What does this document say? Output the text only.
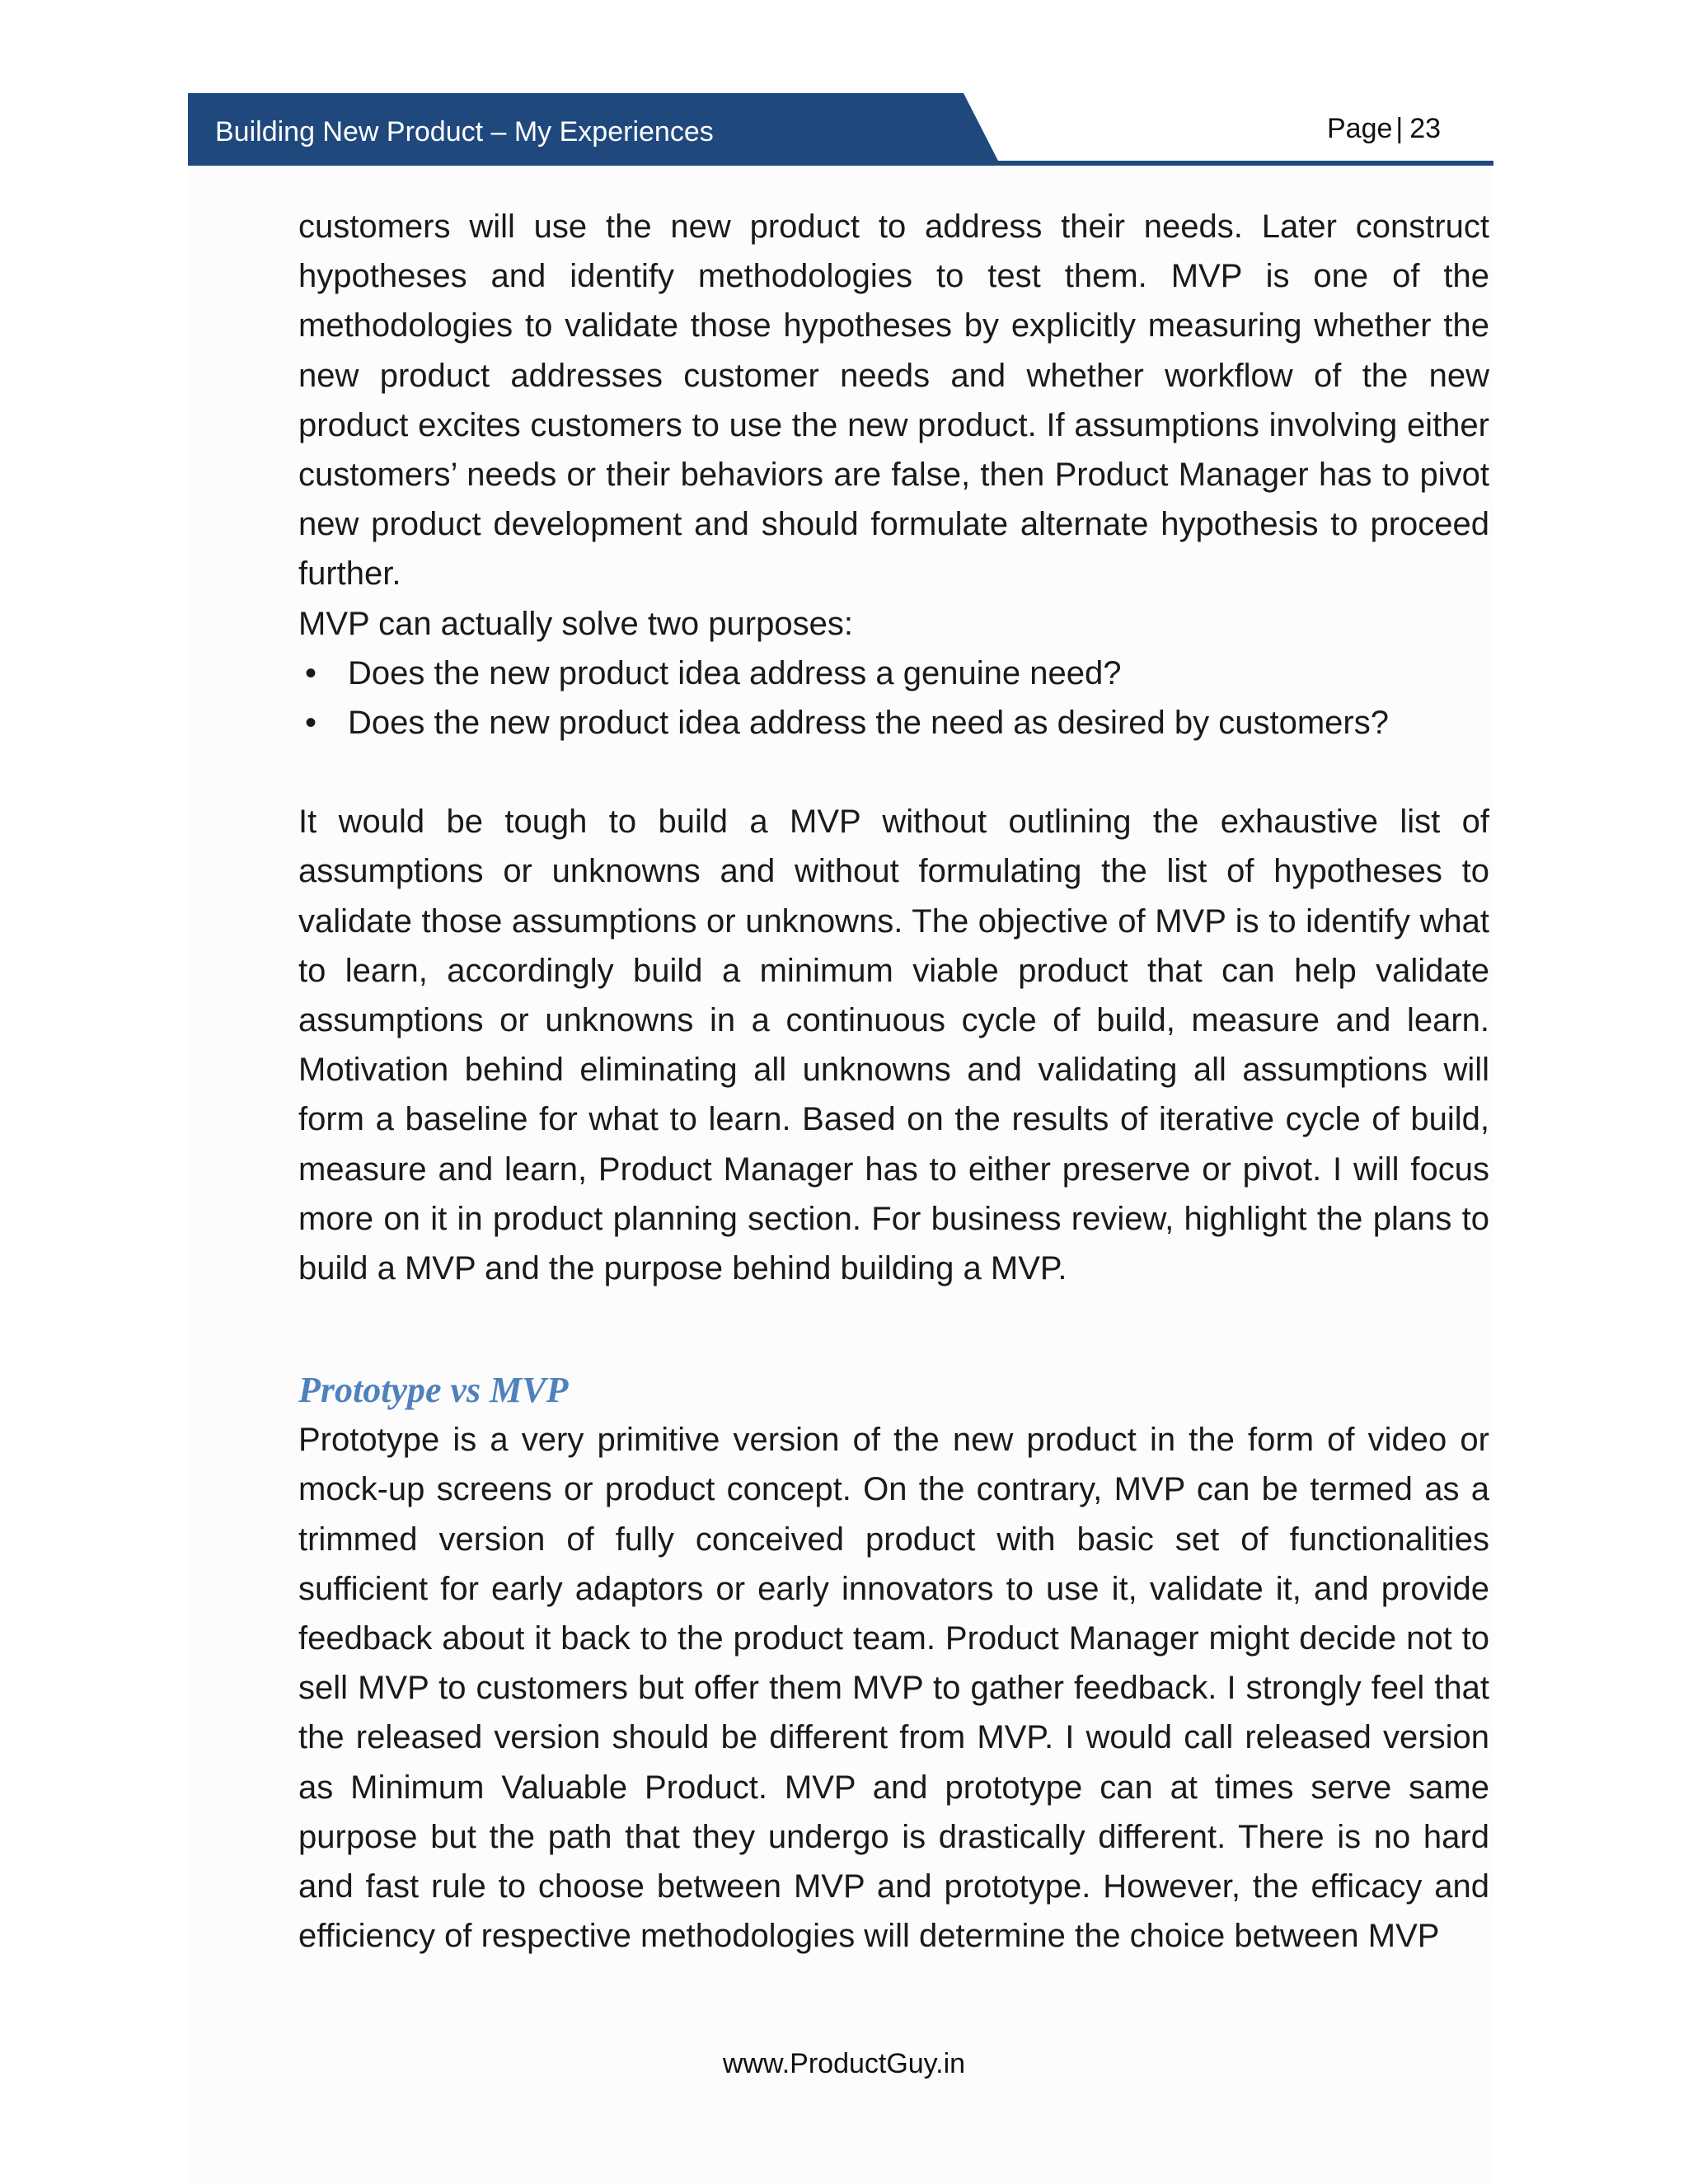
Building New Product – My Experiences	Page | 23

customers will use the new product to address their needs. Later construct hypotheses and identify methodologies to test them. MVP is one of the methodologies to validate those hypotheses by explicitly measuring whether the new product addresses customer needs and whether workflow of the new product excites customers to use the new product. If assumptions involving either customers’ needs or their behaviors are false, then Product Manager has to pivot new product development and should formulate alternate hypothesis to proceed further.

MVP can actually solve two purposes:

• Does the new product idea address a genuine need?
• Does the new product idea address the need as desired by customers?

It would be tough to build a MVP without outlining the exhaustive list of assumptions or unknowns and without formulating the list of hypotheses to validate those assumptions or unknowns. The objective of MVP is to identify what to learn, accordingly build a minimum viable product that can help validate assumptions or unknowns in a continuous cycle of build, measure and learn. Motivation behind eliminating all unknowns and validating all assumptions will form a baseline for what to learn. Based on the results of iterative cycle of build, measure and learn, Product Manager has to either preserve or pivot. I will focus more on it in product planning section. For business review, highlight the plans to build a MVP and the purpose behind building a MVP.

Prototype vs MVP

Prototype is a very primitive version of the new product in the form of video or mock-up screens or product concept. On the contrary, MVP can be termed as a trimmed version of fully conceived product with basic set of functionalities sufficient for early adaptors or early innovators to use it, validate it, and provide feedback about it back to the product team. Product Manager might decide not to sell MVP to customers but offer them MVP to gather feedback. I strongly feel that the released version should be different from MVP. I would call released version as Minimum Valuable Product. MVP and prototype can at times serve same purpose but the path that they undergo is drastically different. There is no hard and fast rule to choose between MVP and prototype. However, the efficacy and efficiency of respective methodologies will determine the choice between MVP

www.ProductGuy.in
